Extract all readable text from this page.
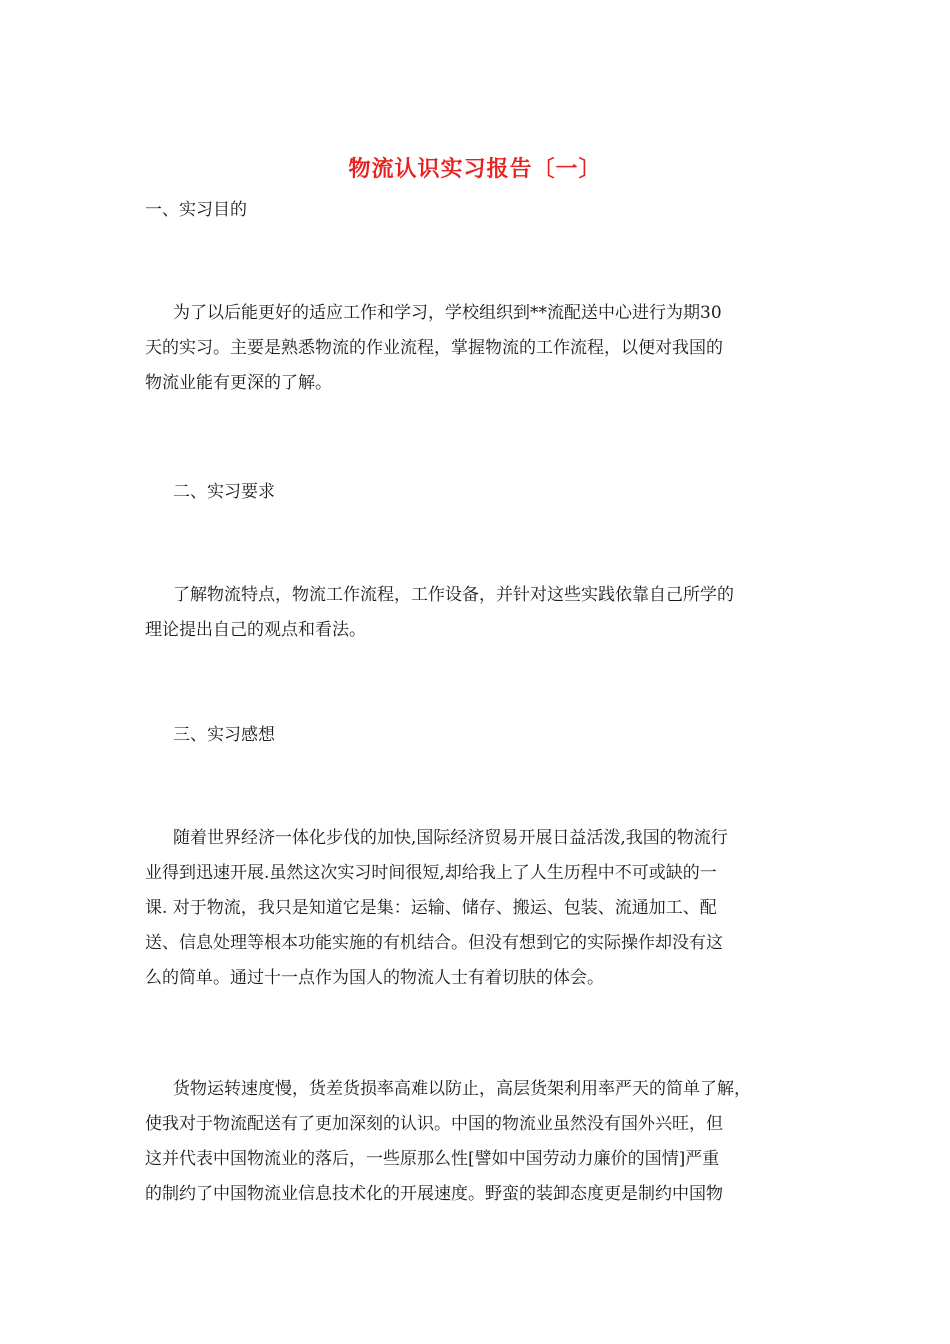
物流认识实习报告〔一〕
一、实习目的
为了以后能更好的适应工作和学习，学校组织到**流配送中心进行为期30
天的实习。主要是熟悉物流的作业流程，掌握物流的工作流程，以便对我国的
物流业能有更深的了解。
二、实习要求
了解物流特点，物流工作流程，工作设备，并针对这些实践依靠自己所学的
理论提出自己的观点和看法。
三、实习感想
随着世界经济一体化步伐的加快,国际经济贸易开展日益活泼,我国的物流行
业得到迅速开展.虽然这次实习时间很短,却给我上了人生历程中不可或缺的一
课. 对于物流，我只是知道它是集：运输、储存、搬运、包装、流通加工、配
送、信息处理等根本功能实施的有机结合。但没有想到它的实际操作却没有这
么的简单。通过十一点作为国人的物流人士有着切肤的体会。
货物运转速度慢，货差货损率高难以防止，高层货架利用率严天的简单了解，
使我对于物流配送有了更加深刻的认识。中国的物流业虽然没有国外兴旺，但
这并代表中国物流业的落后，一些原那么性[譬如中国劳动力廉价的国情]严重
的制约了中国物流业信息技术化的开展速度。野蛮的装卸态度更是制约中国物
